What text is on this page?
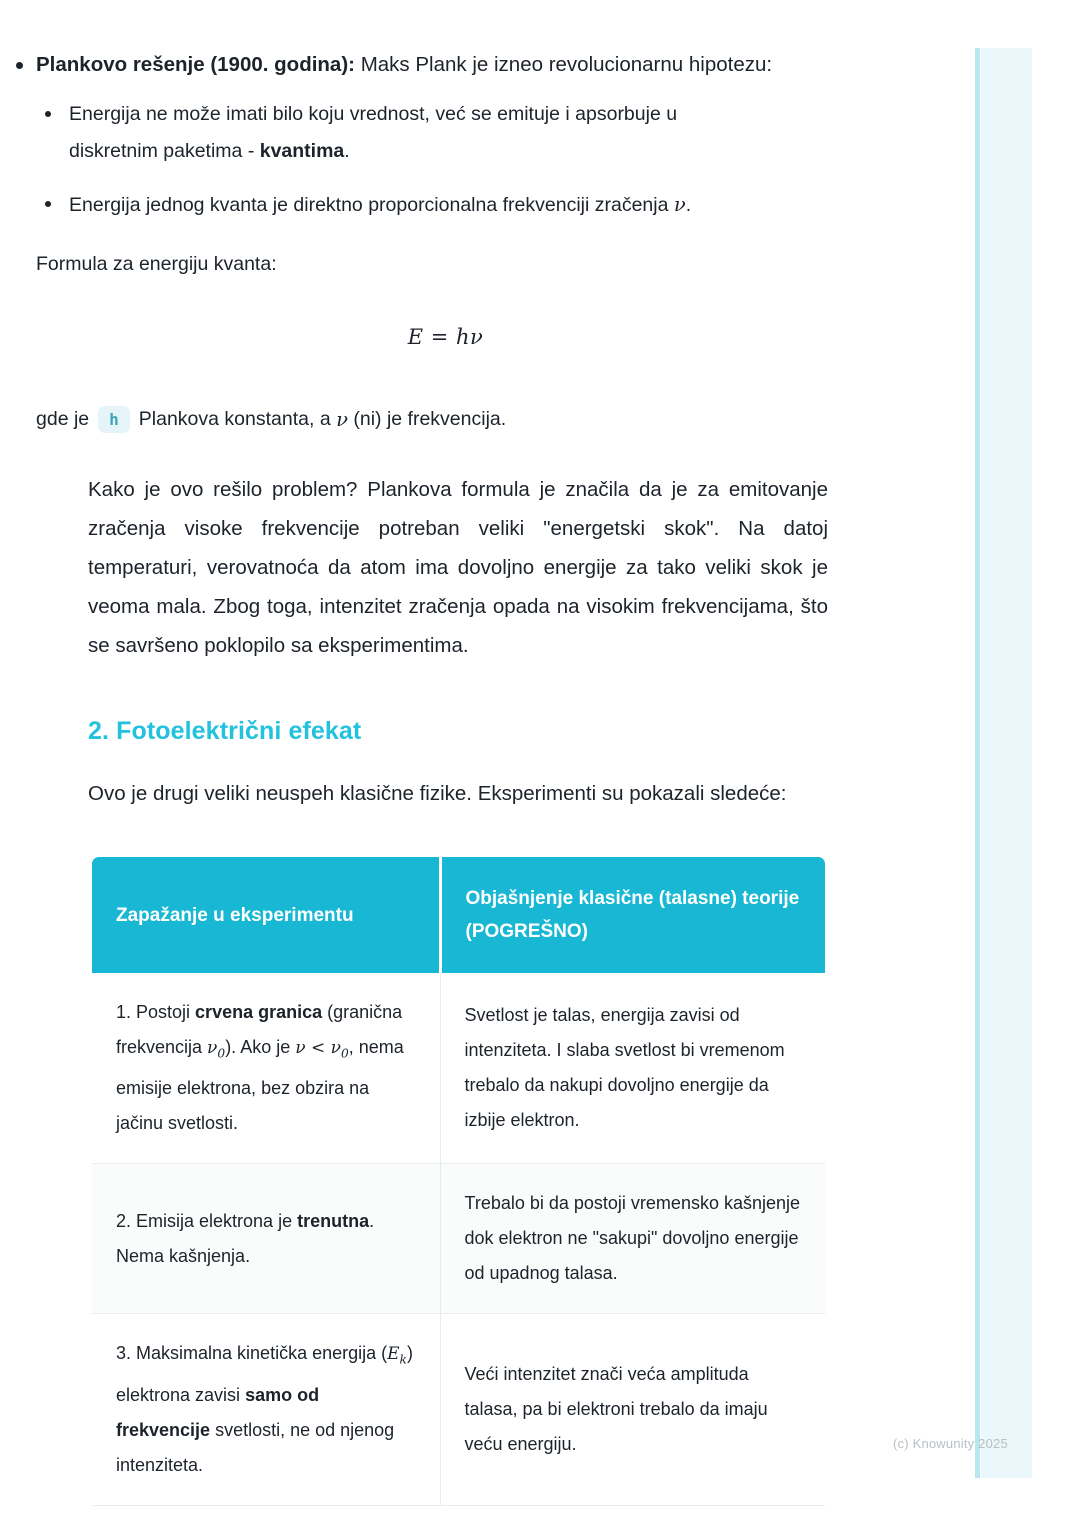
Plankovo rešenje (1900. godina): Maks Plank je izneo revolucionarnu hipotezu:

Energija ne može imati bilo koju vrednost, već se emituje i apsorbuje u diskretnim paketima - kvantima.
Energija jednog kvanta je direktno proporcionalna frekvenciji zračenja ν.

Formula za energiju kvanta:

E = hν

gde je	h	Plankova konstanta, a
ν
(ni) je frekvencija.

Kako je ovo rešilo problem? Plankova formula je značila da je za emitovanje zračenja visoke frekvencije potreban veliki "energetski skok". Na datoj temperaturi, verovatnoća da atom ima dovoljno energije za tako veliki skok je veoma mala. Zbog toga, intenzitet zračenja opada na visokim frekvencijama, što se savršeno poklopilo sa eksperimentima.

2. Fotoelektrični efekat

Ovo je drugi veliki neuspeh klasične fizike. Eksperimenti su pokazali sledeće:

Zapažanje u eksperimentu	Objašnjenje klasične (talasne) teorije (POGREŠNO)
1. Postoji crvena granica (granična frekvencija $\nu_0$). Ako je $\nu < \nu_0$, nema emisije elektrona, bez obzira na jačinu svetlosti.	Svetlost je talas, energija zavisi od intenziteta. I slaba svetlost bi vremenom trebalo da nakupi dovoljno energije da izbije elektron.
2. Emisija elektrona je trenutna. Nema kašnjenja.	Trebalo bi da postoji vremensko kašnjenje dok elektron ne "sakupi" dovoljno energije od upadnog talasa.
3. Maksimalna kinetička energija $(E_k)$ elektrona zavisi samo od frekvencije svetlosti, ne od njenog intenziteta.	Veći intenzitet znači veća amplituda talasa, pa bi elektroni trebalo da imaju veću energiju.	(c) Knowunity 2025
